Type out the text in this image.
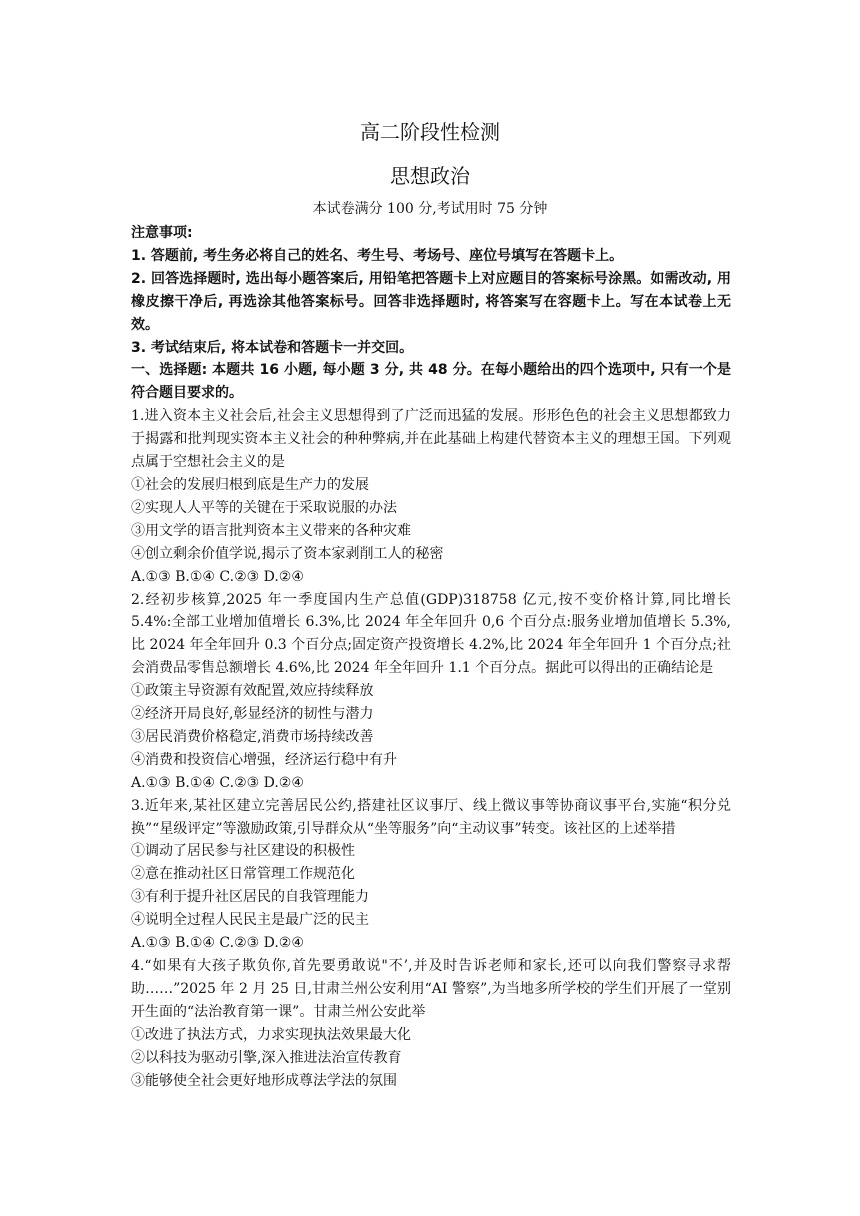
高二阶段性检测
思想政治
本试卷满分 100 分,考试用时 75 分钟

注意事项:

1. 答题前, 考生务必将自己的姓名、考生号、考场号、座位号填写在答题卡上。

2. 回答选择题时, 选出每小题答案后, 用铅笔把答题卡上对应题目的答案标号涂黑。如需改动, 用橡皮擦干净后, 再选涂其他答案标号。回答非选择题时, 将答案写在容题卡上。写在本试卷上无效。

3. 考试结束后, 将本试卷和答题卡一并交回。

一、选择题: 本题共 16 小题, 每小题 3 分, 共 48 分。在每小题给出的四个选项中, 只有一个是符合题目要求的。

1.进入资本主义社会后,社会主义思想得到了广泛而迅猛的发展。形形色色的社会主义思想都致力于揭露和批判现实资本主义社会的种种弊病,并在此基础上构建代替资本主义的理想王国。下列观点属于空想社会主义的是

①社会的发展归根到底是生产力的发展

②实现人人平等的关键在于采取说服的办法

③用文学的语言批判资本主义带来的各种灾难

④创立剩余价值学说,揭示了资本家剥削工人的秘密

A.①③ B.①④ C.②③ D.②④

2.经初步核算,2025 年一季度国内生产总值(GDP)318758 亿元,按不变价格计算,同比增长 5.4%:全部工业增加值增长 6.3%,比 2024 年全年回升 0,6 个百分点:服务业增加值增长 5.3%,比 2024 年全年回升 0.3 个百分点;固定资产投资增长 4.2%,比 2024 年全年回升 1 个百分点;社会消费品零售总额增长 4.6%,比 2024 年全年回升 1.1 个百分点。据此可以得出的正确结论是

①政策主导资源有效配置,效应持续释放

②经济开局良好,彰显经济的韧性与潜力

③居民消费价格稳定,消费市场持续改善

④消费和投资信心增强，经济运行稳中有升

A.①③ B.①④ C.②③ D.②④

3.近年来,某社区建立完善居民公约,搭建社区议事厅、线上微议事等协商议事平台,实施“积分兑换”“星级评定”等激励政策,引导群众从“坐等服务”向“主动议事”转变。该社区的上述举措

①调动了居民参与社区建设的积极性

②意在推动社区日常管理工作规范化

③有利于提升社区居民的自我管理能力

④说明全过程人民民主是最广泛的民主

A.①③ B.①④ C.②③ D.②④

4.“如果有大孩子欺负你,首先要勇敢说"不’,并及时告诉老师和家长,还可以向我们警察寻求帮助……”2025 年 2 月 25 日,甘肃兰州公安利用“AI 警察”,为当地多所学校的学生们开展了一堂别开生面的“法治教育第一课”。甘肃兰州公安此举

①改进了执法方式，力求实现执法效果最大化

②以科技为驱动引擎,深入推进法治宣传教育

③能够使全社会更好地形成尊法学法的氛围
